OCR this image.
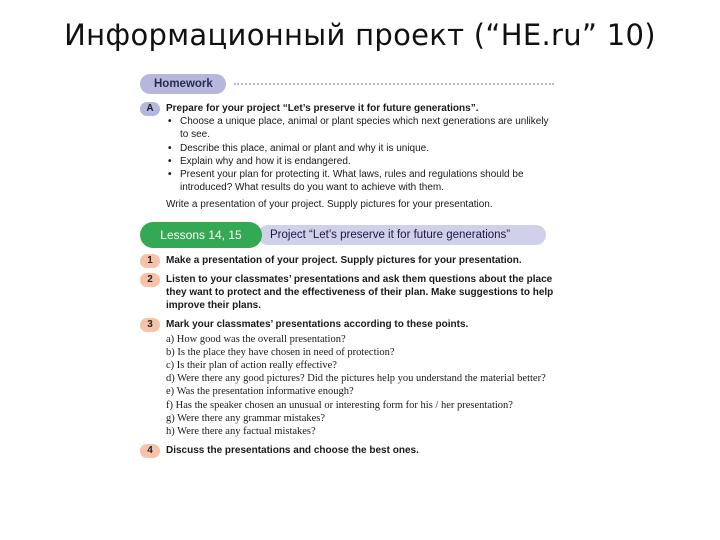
Информационный проект (“HE.ru” 10)
Homework
A	Prepare for your project “Let’s preserve it for future generations”.
• Choose a unique place, animal or plant species which next generations are unlikely to see.
• Describe this place, animal or plant and why it is unique.
• Explain why and how it is endangered.
• Present your plan for protecting it. What laws, rules and regulations should be introduced? What results do you want to achieve with them.
Write a presentation of your project. Supply pictures for your presentation.
Lessons 14, 15	Project “Let’s preserve it for future generations”
1	Make a presentation of your project. Supply pictures for your presentation.
2	Listen to your classmates’ presentations and ask them questions about the place they want to protect and the effectiveness of their plan. Make suggestions to help improve their plans.
3	Mark your classmates’ presentations according to these points.
a) How good was the overall presentation?
b) Is the place they have chosen in need of protection?
c) Is their plan of action really effective?
d) Were there any good pictures? Did the pictures help you understand the material better?
e) Was the presentation informative enough?
f) Has the speaker chosen an unusual or interesting form for his / her presentation?
g) Were there any grammar mistakes?
h) Were there any factual mistakes?
4	Discuss the presentations and choose the best ones.
